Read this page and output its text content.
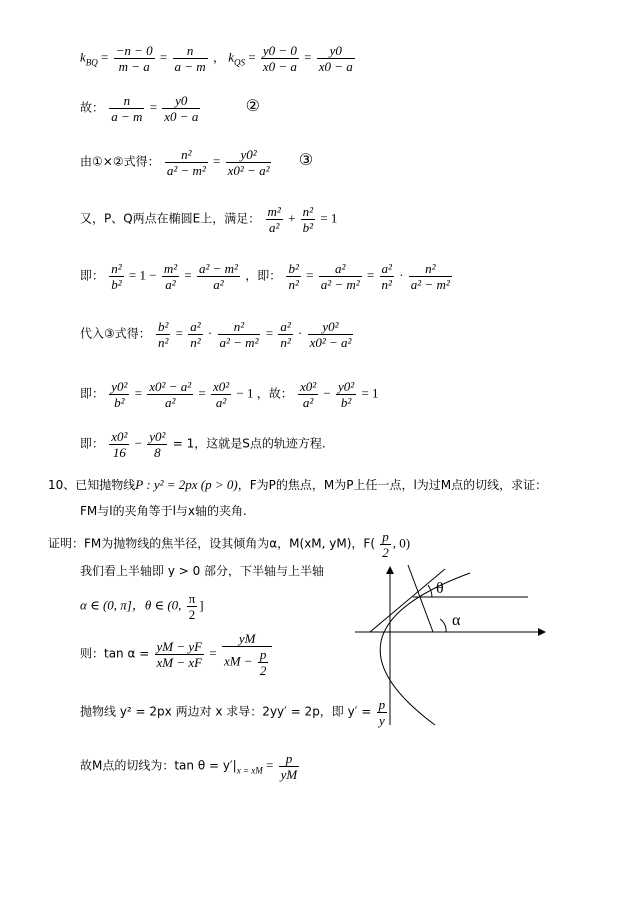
$k_{BQ} = \frac{-n - 0}{m - a} = \frac{n}{a - m}$ ， $k_{QS} = \frac{y0 - 0}{x0 - a} = \frac{y0}{x0 - a}$
故： $\frac{n}{a - m} = \frac{y0}{x0 - a}$	②
由①×②式得： $\frac{\text{n²}}{\text{a² − m²}} = \frac{\text{y0²}}{\text{x0² − a²}}$ ③
又，P、Q两点在椭圆E上，满足： $\frac{\text{m²}}{\text{a²}} + \frac{\text{n²}}{\text{b²}} = 1$
即： $\frac{\text{n²}}{\text{b²}} = 1 - \frac{\text{m²}}{\text{a²}} = \frac{\text{a² − m²}}{\text{a²}}$ ，即： $\frac{\text{b²}}{\text{n²}} = \frac{\text{a²}}{\text{a² − m²}} = \frac{\text{a²}}{\text{n²}} \cdot \frac{\text{n²}}{\text{a² − m²}}$
代入③式得： $\frac{\text{b²}}{\text{n²}} = \frac{\text{a²}}{\text{n²}} \cdot \frac{\text{n²}}{\text{a² − m²}} = \frac{\text{a²}}{\text{n²}} \cdot \frac{\text{y0²}}{\text{x0² − a²}}$
即： $\frac{\text{y0²}}{\text{b²}} = \frac{\text{x0² − a²}}{\text{a²}} = \frac{\text{x0²}}{\text{a²}} - 1$ ，故： $\frac{\text{x0²}}{\text{a²}} - \frac{\text{y0²}}{\text{b²}} = 1$
即： $\frac{\text{x0²}}{16} - \frac{\text{y0²}}{8} = 1$，这就是S点的轨迹方程.
10、已知抛物线P : y² = 2px (p > 0)，F为P的焦点，M为P上任一点，l为过M点的切线，求证：
FM与l的夹角等于l与x轴的夹角.
证明：FM为抛物线的焦半径，设其倾角为α，M(xM, yM)，$F( \frac{p}{2}$ , 0)
我们看上半轴即 y > 0 部分，下半轴与上半轴
α ∈ (0, π]，θ ∈ (0, $\frac{\pi}{2}$ ]
则：$\tan \alpha = \frac{yM - yF}{xM - xF} = \frac{yM}{xM - \frac{p}{2}}$
抛物线 y² = 2px 两边对 x 求导：2yy′ = 2p，即 $y' = \frac{p}{y}$
故M点的切线为：$\tan \theta = y'|_{x = xM} = \frac{p}{yM}$
θ
α
